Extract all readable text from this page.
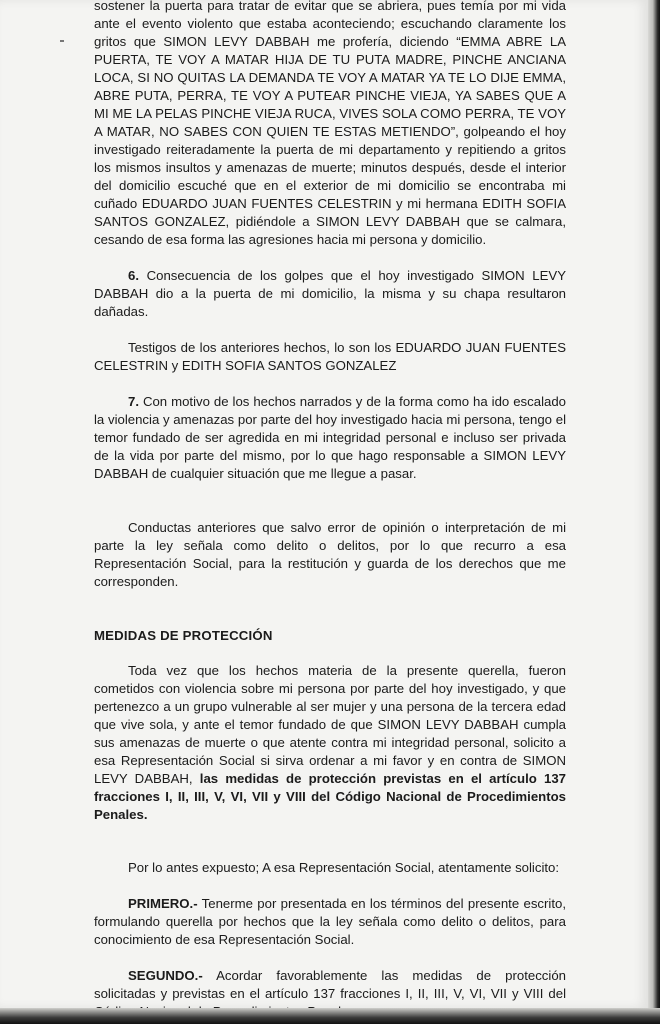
sostener la puerta para tratar de evitar que se abriera, pues temía por mi vida ante el evento violento que estaba aconteciendo; escuchando claramente los gritos que SIMON LEVY DABBAH me profería, diciendo “EMMA ABRE LA PUERTA, TE VOY A MATAR HIJA DE TU PUTA MADRE, PINCHE ANCIANA LOCA, SI NO QUITAS LA DEMANDA TE VOY A MATAR YA TE LO DIJE EMMA, ABRE PUTA, PERRA, TE VOY A PUTEAR PINCHE VIEJA, YA SABES QUE A MI ME LA PELAS PINCHE VIEJA RUCA, VIVES SOLA COMO PERRA, TE VOY A MATAR, NO SABES CON QUIEN TE ESTAS METIENDO”, golpeando el hoy investigado reiteradamente la puerta de mi departamento y repitiendo a gritos los mismos insultos y amenazas de muerte; minutos después, desde el interior del domicilio escuché que en el exterior de mi domicilio se encontraba mi cuñado EDUARDO JUAN FUENTES CELESTRIN y mi hermana EDITH SOFIA SANTOS GONZALEZ, pidiéndole a SIMON LEVY DABBAH que se calmara, cesando de esa forma las agresiones hacia mi persona y domicilio.

6. Consecuencia de los golpes que el hoy investigado SIMON LEVY DABBAH dio a la puerta de mi domicilio, la misma y su chapa resultaron dañadas.

Testigos de los anteriores hechos, lo son los EDUARDO JUAN FUENTES CELESTRIN y EDITH SOFIA SANTOS GONZALEZ

7. Con motivo de los hechos narrados y de la forma como ha ido escalado la violencia y amenazas por parte del hoy investigado hacia mi persona, tengo el temor fundado de ser agredida en mi integridad personal e incluso ser privada de la vida por parte del mismo, por lo que hago responsable a SIMON LEVY DABBAH de cualquier situación que me llegue a pasar.

Conductas anteriores que salvo error de opinión o interpretación de mi parte la ley señala como delito o delitos, por lo que recurro a esa Representación Social, para la restitución y guarda de los derechos que me corresponden.

MEDIDAS DE PROTECCIÓN

Toda vez que los hechos materia de la presente querella, fueron cometidos con violencia sobre mi persona por parte del hoy investigado, y que pertenezco a un grupo vulnerable al ser mujer y una persona de la tercera edad que vive sola, y ante el temor fundado de que SIMON LEVY DABBAH cumpla sus amenazas de muerte o que atente contra mi integridad personal, solicito a esa Representación Social si sirva ordenar a mi favor y en contra de SIMON LEVY DABBAH, las medidas de protección previstas en el artículo 137 fracciones I, II, III, V, VI, VII y VIII del Código Nacional de Procedimientos Penales.

Por lo antes expuesto; A esa Representación Social, atentamente solicito:

PRIMERO.- Tenerme por presentada en los términos del presente escrito, formulando querella por hechos que la ley señala como delito o delitos, para conocimiento de esa Representación Social.

SEGUNDO.- Acordar favorablemente las medidas de protección solicitadas y previstas en el artículo 137 fracciones I, II, III, V, VI, VII y VIII del
